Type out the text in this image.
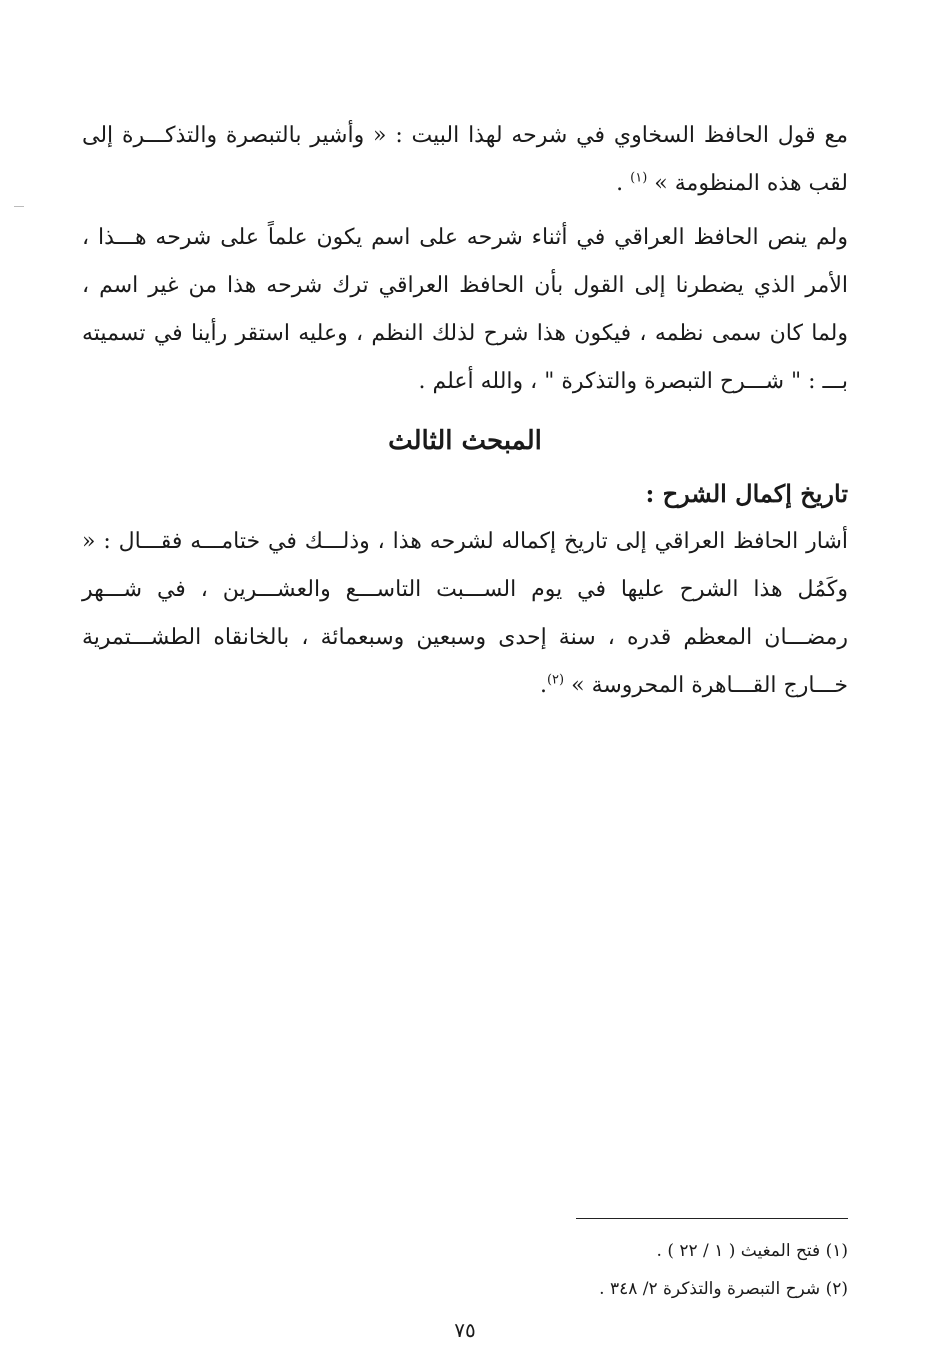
مع قول الحافظ السخاوي في شرحه لهذا البيت : « وأشير بالتبصرة والتذكـــرة إلى لقب هذه المنظومة » $^{(١)}$ .

ولم ينص الحافظ العراقي في أثناء شرحه على اسم يكون علماً على شرحه هـــذا ، الأمر الذي يضطرنا إلى القول بأن الحافظ العراقي ترك شرحه هذا من غير اسم ، ولما كان سمى نظمه ، فيكون هذا شرح لذلك النظم ، وعليه استقر رأينا في تسميته بـــ : " شـــرح التبصرة والتذكرة " ، والله أعلم .

المبحث الثالث
تاريخ إكمال الشرح :

أشار الحافظ العراقي إلى تاريخ إكماله لشرحه هذا ، وذلـــك في ختامـــه فقـــال : « وكَمُل هذا الشرح عليها في يوم الســـبت التاســـع والعشـــرين ، في شـــهر رمضـــان المعظم قدره ، سنة إحدى وسبعين وسبعمائة ، بالخانقاه الطشـــتمرية خـــارج القـــاهرة المحروسة » $^{(٢)}$.

(١) فتح المغيث ( ١ / ٢٢ ) .

(٢) شرح التبصرة والتذكرة ٢/ ٣٤٨ .

٧٥
